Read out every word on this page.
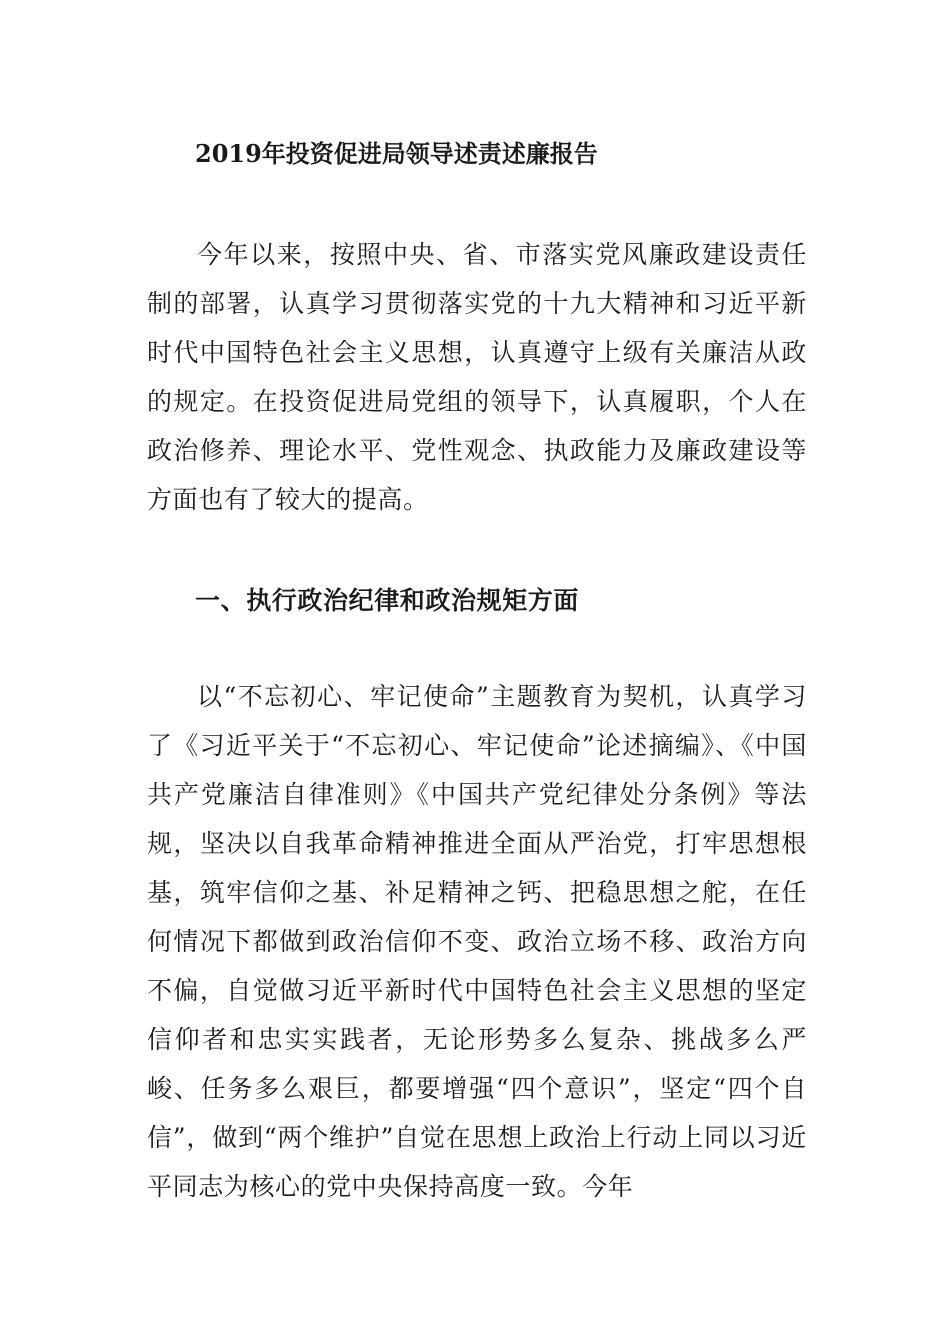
2019年投资促进局领导述责述廉报告

今年以来，按照中央、省、市落实党风廉政建设责任制的部署，认真学习贯彻落实党的十九大精神和习近平新时代中国特色社会主义思想，认真遵守上级有关廉洁从政的规定。在投资促进局党组的领导下，认真履职，个人在政治修养、理论水平、党性观念、执政能力及廉政建设等方面也有了较大的提高。

一、执行政治纪律和政治规矩方面

以“不忘初心、牢记使命”主题教育为契机，认真学习了《习近平关于“不忘初心、牢记使命”论述摘编》、《中国共产党廉洁自律准则》《中国共产党纪律处分条例》等法规，坚决以自我革命精神推进全面从严治党，打牢思想根基，筑牢信仰之基、补足精神之钙、把稳思想之舵，在任何情况下都做到政治信仰不变、政治立场不移、政治方向不偏，自觉做习近平新时代中国特色社会主义思想的坚定信仰者和忠实实践者，无论形势多么复杂、挑战多么严峻、任务多么艰巨，都要增强“四个意识”，坚定“四个自信”，做到“两个维护”自觉在思想上政治上行动上同以习近平同志为核心的党中央保持高度一致。今年
